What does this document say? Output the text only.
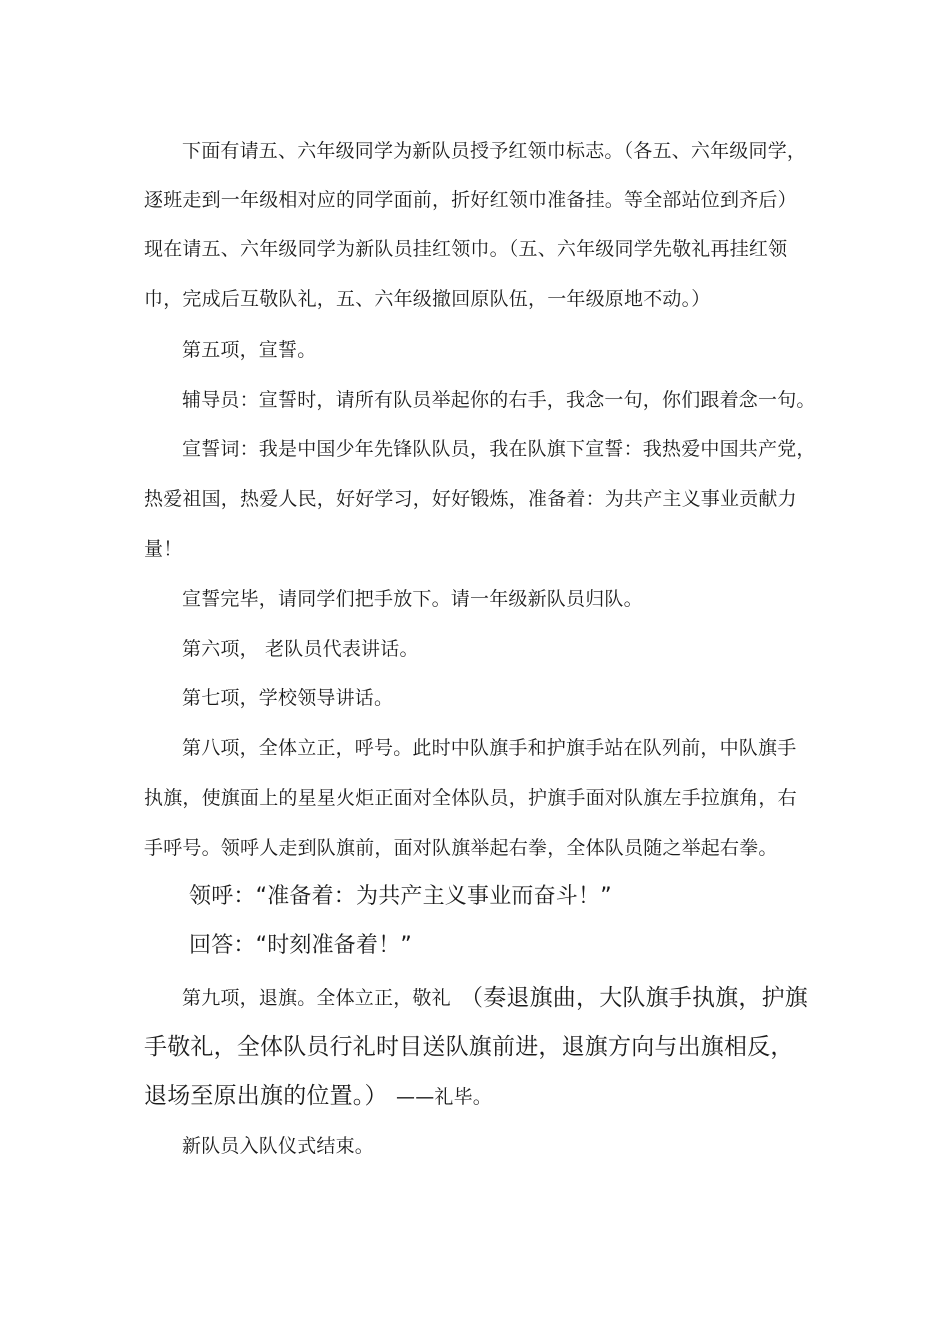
下面有请五、六年级同学为新队员授予红领巾标志。（各五、六年级同学，
逐班走到一年级相对应的同学面前，折好红领巾准备挂。等全部站位到齐后）
现在请五、六年级同学为新队员挂红领巾。（五、六年级同学先敬礼再挂红领
巾，完成后互敬队礼，五、六年级撤回原队伍，一年级原地不动。）
第五项，宣誓。
辅导员：宣誓时，请所有队员举起你的右手，我念一句，你们跟着念一句。
宣誓词：我是中国少年先锋队队员，我在队旗下宣誓：我热爱中国共产党，
热爱祖国，热爱人民，好好学习，好好锻炼，准备着：为共产主义事业贡献力
量！
宣誓完毕，请同学们把手放下。请一年级新队员归队。
第六项， 老队员代表讲话。
第七项，学校领导讲话。
第八项，全体立正，呼号。此时中队旗手和护旗手站在队列前，中队旗手
执旗，使旗面上的星星火炬正面对全体队员，护旗手面对队旗左手拉旗角，右
手呼号。领呼人走到队旗前，面对队旗举起右拳，全体队员随之举起右拳。
领呼：“准备着：为共产主义事业而奋斗！”
回答：“时刻准备着！”
第九项，退旗。全体立正，敬礼 （奏退旗曲，大队旗手执旗，护旗
手敬礼，全体队员行礼时目送队旗前进，退旗方向与出旗相反，
退场至原出旗的位置。） ——礼毕。
新队员入队仪式结束。
